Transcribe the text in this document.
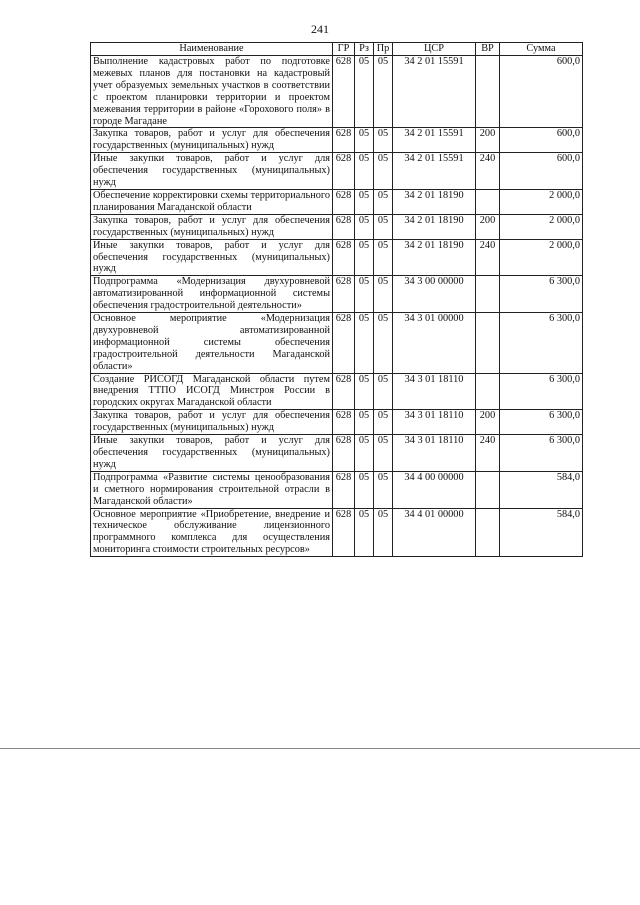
241
Наименование	ГР	Рз	Пр	ЦСР	ВР	Сумма
Выполнение кадастровых работ по подготовке межевых планов для постановки на кадастровый учет образуемых земельных участков в соответствии с проектом планировки территории и проектом межевания территории в районе «Горохового поля» в городе Магадане	628	05	05	34 2 01 15591		600,0
Закупка товаров, работ и услуг для обеспечения государственных (муниципальных) нужд	628	05	05	34 2 01 15591	200	600,0
Иные закупки товаров, работ и услуг для обеспечения государственных (муниципальных) нужд	628	05	05	34 2 01 15591	240	600,0
Обеспечение корректировки схемы территориального планирования Магаданской области	628	05	05	34 2 01 18190		2 000,0
Закупка товаров, работ и услуг для обеспечения государственных (муниципальных) нужд	628	05	05	34 2 01 18190	200	2 000,0
Иные закупки товаров, работ и услуг для обеспечения государственных (муниципальных) нужд	628	05	05	34 2 01 18190	240	2 000,0
Подпрограмма «Модернизация двухуровневой автоматизированной информационной системы обеспечения градостроительной деятельности»	628	05	05	34 3 00 00000		6 300,0
Основное мероприятие «Модернизация двухуровневой автоматизированной информационной системы обеспечения градостроительной деятельности Магаданской области»	628	05	05	34 3 01 00000		6 300,0
Создание РИСОГД Магаданской области путем внедрения ТТПО ИСОГД Минстроя России в городских округах Магаданской области	628	05	05	34 3 01 18110		6 300,0
Закупка товаров, работ и услуг для обеспечения государственных (муниципальных) нужд	628	05	05	34 3 01 18110	200	6 300,0
Иные закупки товаров, работ и услуг для обеспечения государственных (муниципальных) нужд	628	05	05	34 3 01 18110	240	6 300,0
Подпрограмма «Развитие системы ценообразования и сметного нормирования строительной отрасли в Магаданской области»	628	05	05	34 4 00 00000		584,0
Основное мероприятие «Приобретение, внедрение и техническое обслуживание лицензионного программного комплекса для осуществления мониторинга стоимости строительных ресурсов»	628	05	05	34 4 01 00000		584,0
